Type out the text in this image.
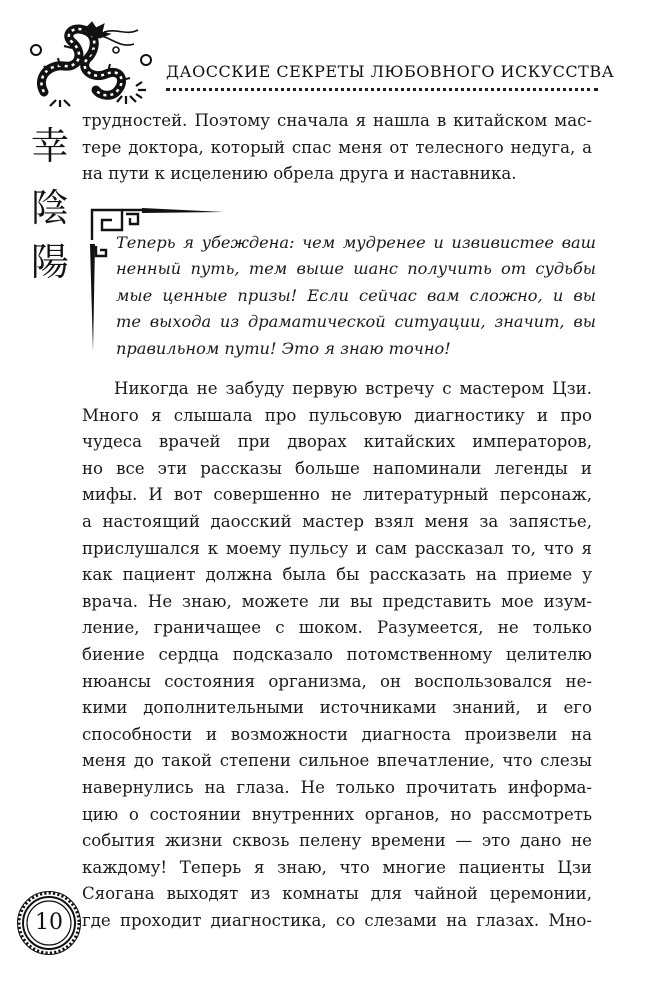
ДАОССКИЕ СЕКРЕТЫ ЛЮБОВНОГО ИСКУССТВА
幸
陰
陽
трудностей. Поэтому сначала я нашла в китайском мас-
тере доктора, который спас меня от телесного недуга, а
на пути к исцелению обрела друга и наставника.
Теперь я убеждена: чем мудренее и извивистее ваш
ненный путь, тем выше шанс получить от судьбы
мые ценные призы! Если сейчас вам сложно, и вы
те выхода из драматической ситуации, значит, вы
правильном пути! Это я знаю точно!
Никогда не забуду первую встречу с мастером Цзи.
Много я слышала про пульсовую диагностику и про
чудеса врачей при дворах китайских императоров,
но все эти рассказы больше напоминали легенды и
мифы. И вот совершенно не литературный персонаж,
а настоящий даосский мастер взял меня за запястье,
прислушался к моему пульсу и сам рассказал то, что я
как пациент должна была бы рассказать на приеме у
врача. Не знаю, можете ли вы представить мое изум-
ление, граничащее с шоком. Разумеется, не только
биение сердца подсказало потомственному целителю
нюансы состояния организма, он воспользовался не-
кими дополнительными источниками знаний, и его
способности и возможности диагноста произвели на
меня до такой степени сильное впечатление, что слезы
навернулись на глаза. Не только прочитать информа-
цию о состоянии внутренних органов, но рассмотреть
события жизни сквозь пелену времени — это дано не
каждому! Теперь я знаю, что многие пациенты Цзи
Сяогана выходят из комнаты для чайной церемонии,
где проходит диагностика, со слезами на глазах. Мно-
10
